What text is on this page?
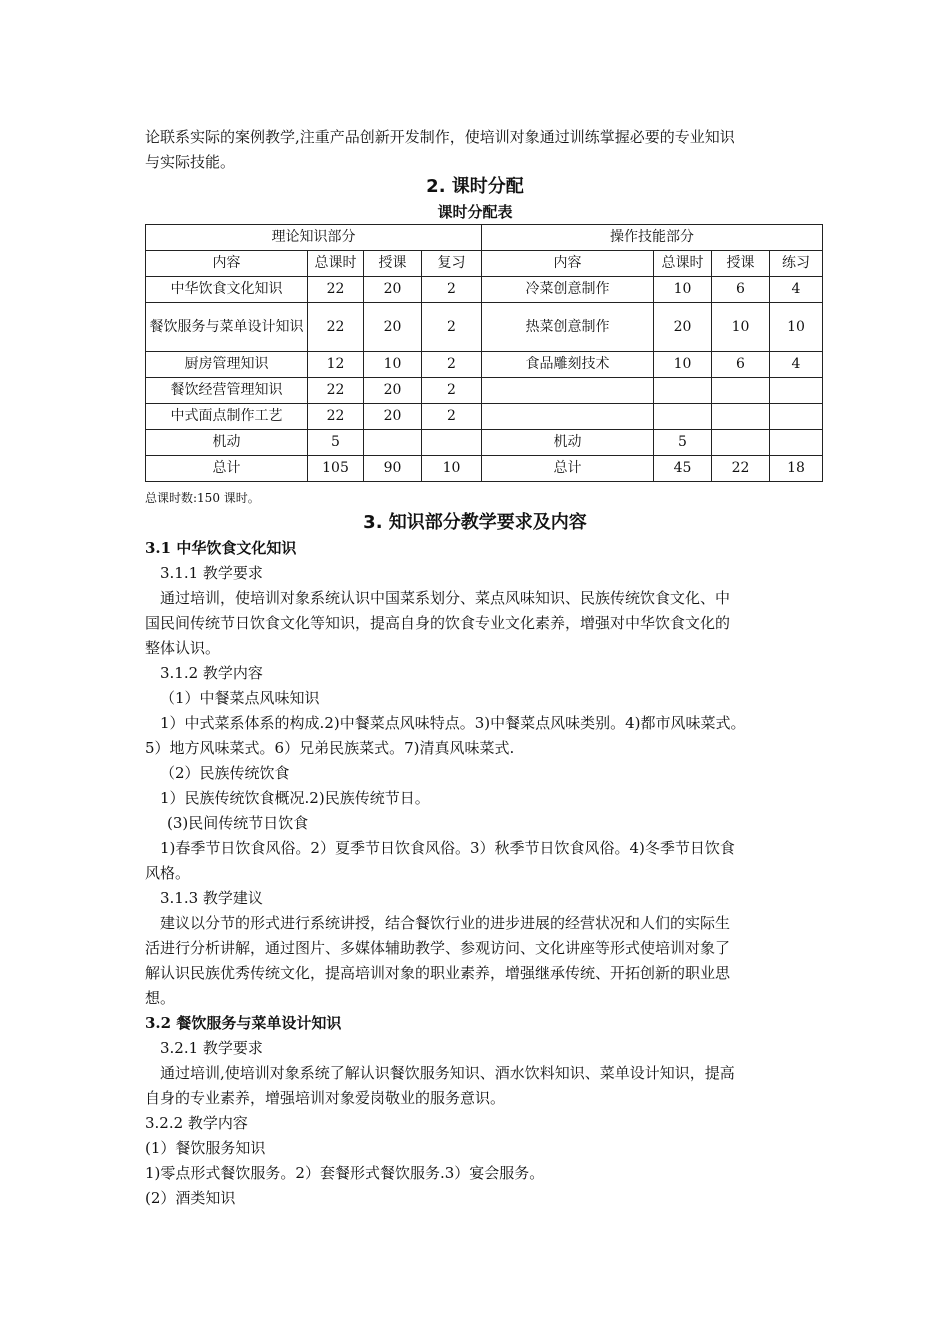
论联系实际的案例教学,注重产品创新开发制作，使培训对象通过训练掌握必要的专业知识
与实际技能。
2. 课时分配
课时分配表
理论知识部分				操作技能部分			
内容	总课时	授课	复习	内容	总课时	授课	练习
中华饮食文化知识	22	20	2	冷菜创意制作	10	6	4
餐饮服务与菜单设计知识	22	20	2	热菜创意制作	20	10	10
厨房管理知识	12	10	2	食品雕刻技术	10	6	4
餐饮经营管理知识	22	20	2				
中式面点制作工艺	22	20	2				
机动	5			机动	5		
总计	105	90	10	总计	45	22	18
总课时数:150 课时。
3. 知识部分教学要求及内容
3.1 中华饮食文化知识
3.1.1 教学要求
通过培训，使培训对象系统认识中国菜系划分、菜点风味知识、民族传统饮食文化、中
国民间传统节日饮食文化等知识，提高自身的饮食专业文化素养，增强对中华饮食文化的
整体认识。
3.1.2 教学内容
（1）中餐菜点风味知识
1）中式菜系体系的构成.2)中餐菜点风味特点。3)中餐菜点风味类别。4)都市风味菜式。
5）地方风味菜式。6）兄弟民族菜式。7)清真风味菜式.
（2）民族传统饮食
1）民族传统饮食概况.2)民族传统节日。
(3)民间传统节日饮食
1)春季节日饮食风俗。2）夏季节日饮食风俗。3）秋季节日饮食风俗。4)冬季节日饮食
风格。
3.1.3 教学建议
建议以分节的形式进行系统讲授，结合餐饮行业的进步进展的经营状况和人们的实际生
活进行分析讲解，通过图片、多媒体辅助教学、参观访问、文化讲座等形式使培训对象了
解认识民族优秀传统文化，提高培训对象的职业素养，增强继承传统、开拓创新的职业思
想。
3.2 餐饮服务与菜单设计知识
3.2.1 教学要求
通过培训,使培训对象系统了解认识餐饮服务知识、酒水饮料知识、菜单设计知识，提高
自身的专业素养，增强培训对象爱岗敬业的服务意识。
3.2.2 教学内容
(1）餐饮服务知识
1)零点形式餐饮服务。2）套餐形式餐饮服务.3）宴会服务。
(2）酒类知识
